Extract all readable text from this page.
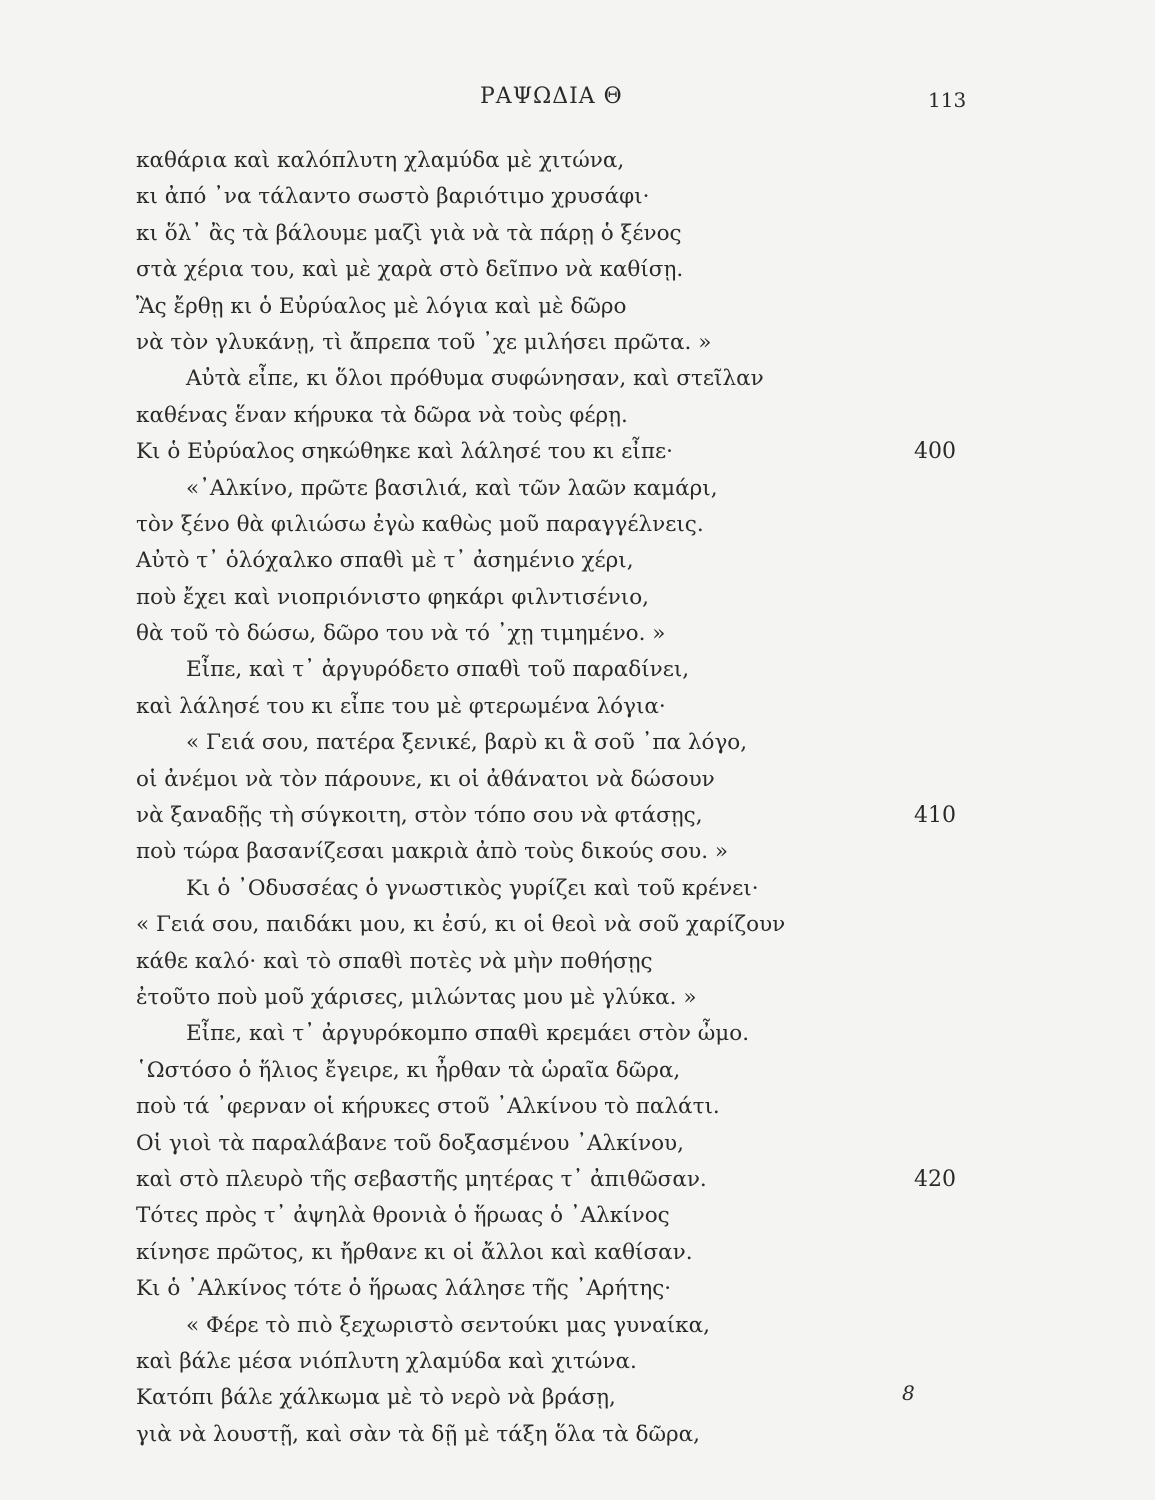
ΡΑΨΩΔΙΑ Θ	113
καθάρια καὶ καλόπλυτη χλαμύδα μὲ χιτώνα,
κι ἀπό ᾿να τάλαντο σωστὸ βαριότιμο χρυσάφι·
κι ὅλ᾿ ἂς τὰ βάλουμε μαζὶ γιὰ νὰ τὰ πάρῃ ὁ ξένος
στὰ χέρια του, καὶ μὲ χαρὰ στὸ δεῖπνο νὰ καθίσῃ.
Ἂς ἔρθῃ κι ὁ Εὐρύαλος μὲ λόγια καὶ μὲ δῶρο
νὰ τὸν γλυκάνῃ, τὶ ἄπρεπα τοῦ ᾿χε μιλήσει πρῶτα. »
Αὐτὰ εἶπε, κι ὅλοι πρόθυμα συφώνησαν, καὶ στεῖλαν
καθένας ἕναν κήρυκα τὰ δῶρα νὰ τοὺς φέρῃ.
Κι ὁ Εὐρύαλος σηκώθηκε καὶ λάλησέ του κι εἶπε·	400
«᾿Αλκίνο, πρῶτε βασιλιά, καὶ τῶν λαῶν καμάρι,
τὸν ξένο θὰ φιλιώσω ἐγὼ καθὼς μοῦ παραγγέλνεις.
Αὐτὸ τ᾿ ὁλόχαλκο σπαθὶ μὲ τ᾿ ἀσημένιο χέρι,
ποὺ ἔχει καὶ νιοπριόνιστο φηκάρι φιλντισένιο,
θὰ τοῦ τὸ δώσω, δῶρο του νὰ τό ᾿χῃ τιμημένο. »
Εἶπε, καὶ τ᾿ ἀργυρόδετο σπαθὶ τοῦ παραδίνει,
καὶ λάλησέ του κι εἶπε του μὲ φτερωμένα λόγια·
« Γειά σου, πατέρα ξενικέ, βαρὺ κι ἃ σοῦ ᾿πα λόγο,
οἱ ἀνέμοι νὰ τὸν πάρουνε, κι οἱ ἀθάνατοι νὰ δώσουν
νὰ ξαναδῇς τὴ σύγκοιτη, στὸν τόπο σου νὰ φτάσῃς,	410
ποὺ τώρα βασανίζεσαι μακριὰ ἀπὸ τοὺς δικούς σου. »
Κι ὁ ᾿Οδυσσέας ὁ γνωστικὸς γυρίζει καὶ τοῦ κρένει·
« Γειά σου, παιδάκι μου, κι ἐσύ, κι οἱ θεοὶ νὰ σοῦ χαρίζουν
κάθε καλό· καὶ τὸ σπαθὶ ποτὲς νὰ μὴν ποθήσῃς
ἐτοῦτο ποὺ μοῦ χάρισες, μιλώντας μου μὲ γλύκα. »
Εἶπε, καὶ τ᾿ ἀργυρόκομπο σπαθὶ κρεμάει στὸν ὦμο.
῾Ωστόσο ὁ ἥλιος ἔγειρε, κι ἦρθαν τὰ ὡραῖα δῶρα,
ποὺ τά ᾿φερναν οἱ κήρυκες στοῦ ᾿Αλκίνου τὸ παλάτι.
Οἱ γιοὶ τὰ παραλάβανε τοῦ δοξασμένου ᾿Αλκίνου,
καὶ στὸ πλευρὸ τῆς σεβαστῆς μητέρας τ᾿ ἀπιθῶσαν.	420
Τότες πρὸς τ᾿ ἀψηλὰ θρονιὰ ὁ ἥρωας ὁ ᾿Αλκίνος
κίνησε πρῶτος, κι ἤρθανε κι οἱ ἄλλοι καὶ καθίσαν.
Κι ὁ ᾿Αλκίνος τότε ὁ ἥρωας λάλησε τῆς ᾿Αρήτης·
« Φέρε τὸ πιὸ ξεχωριστὸ σεντούκι μας γυναίκα,
καὶ βάλε μέσα νιόπλυτη χλαμύδα καὶ χιτώνα.
Κατόπι βάλε χάλκωμα μὲ τὸ νερὸ νὰ βράσῃ,
γιὰ νὰ λουστῇ, καὶ σὰν τὰ δῇ μὲ τάξη ὅλα τὰ δῶρα,
8
